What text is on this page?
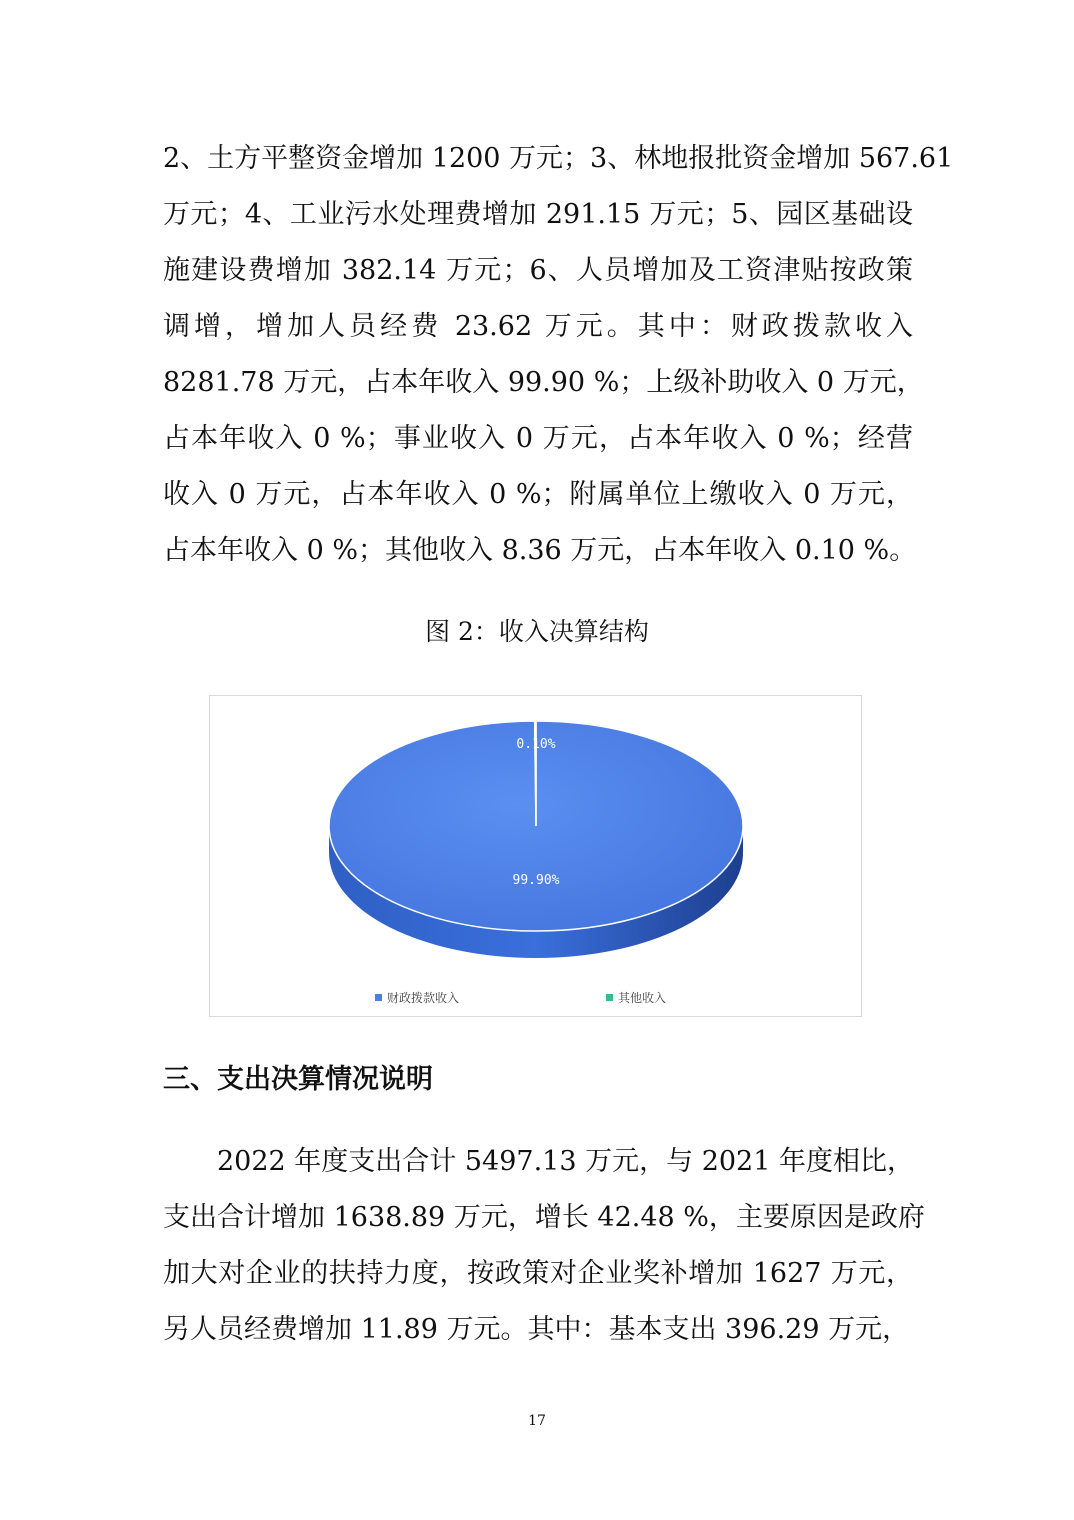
2、土方平整资金增加 1200 万元；3、林地报批资金增加 567.61
万元；4、工业污水处理费增加 291.15 万元；5、园区基础设
施建设费增加 382.14 万元；6、人员增加及工资津贴按政策
调增，增加人员经费 23.62 万元。其中：财政拨款收入
8281.78 万元，占本年收入 99.90 %；上级补助收入 0 万元，
占本年收入 0 %；事业收入 0 万元，占本年收入 0 %；经营
收入 0 万元，占本年收入 0 %；附属单位上缴收入 0 万元，
占本年收入 0 %；其他收入 8.36 万元，占本年收入 0.10 %。
图 2：收入决算结构
99.90%
0.10%
财政拨款收入	其他收入
三、支出决算情况说明
2022 年度支出合计 5497.13 万元，与 2021 年度相比，
支出合计增加 1638.89 万元，增长 42.48 %，主要原因是政府
加大对企业的扶持力度，按政策对企业奖补增加 1627 万元，
另人员经费增加 11.89 万元。其中：基本支出 396.29 万元，
17
